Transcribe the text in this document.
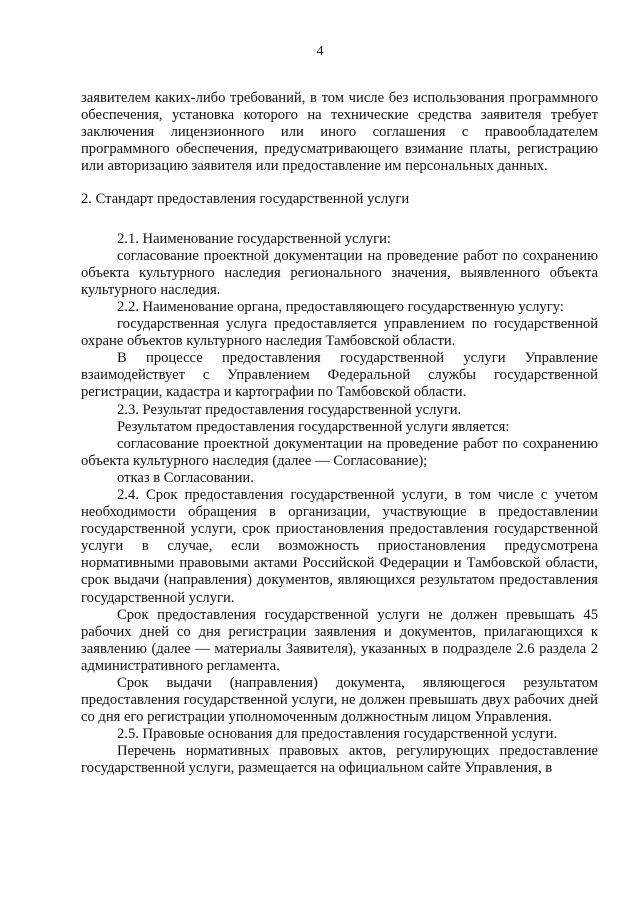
4

заявителем каких-либо требований, в том числе без использования программного обеспечения, установка которого на технические средства заявителя требует заключения лицензионного или иного соглашения с правообладателем программного обеспечения, предусматривающего взимание платы, регистрацию или авторизацию заявителя или предоставление им персональных данных.

2. Стандарт предоставления государственной услуги

2.1. Наименование государственной услуги:

согласование проектной документации на проведение работ по сохранению объекта культурного наследия регионального значения, выявленного объекта культурного наследия.

2.2. Наименование органа, предоставляющего государственную услугу:

государственная услуга предоставляется управлением по государственной охране объектов культурного наследия Тамбовской области.

В процессе предоставления государственной услуги Управление взаимодействует с Управлением Федеральной службы государственной регистрации, кадастра и картографии по Тамбовской области.

2.3. Результат предоставления государственной услуги.

Результатом предоставления государственной услуги является:

согласование проектной документации на проведение работ по сохранению объекта культурного наследия (далее — Согласование);

отказ в Согласовании.

2.4. Срок предоставления государственной услуги, в том числе с учетом необходимости обращения в организации, участвующие в предоставлении государственной услуги, срок приостановления предоставления государственной услуги в случае, если возможность приостановления предусмотрена нормативными правовыми актами Российской Федерации и Тамбовской области, срок выдачи (направления) документов, являющихся результатом предоставления государственной услуги.

Срок предоставления государственной услуги не должен превышать 45 рабочих дней со дня регистрации заявления и документов, прилагающихся к заявлению (далее — материалы Заявителя), указанных в подразделе 2.6 раздела 2 административного регламента.

Срок выдачи (направления) документа, являющегося результатом предоставления государственной услуги, не должен превышать двух рабочих дней со дня его регистрации уполномоченным должностным лицом Управления.

2.5. Правовые основания для предоставления государственной услуги.

Перечень нормативных правовых актов, регулирующих предоставление государственной услуги, размещается на официальном сайте Управления, в
